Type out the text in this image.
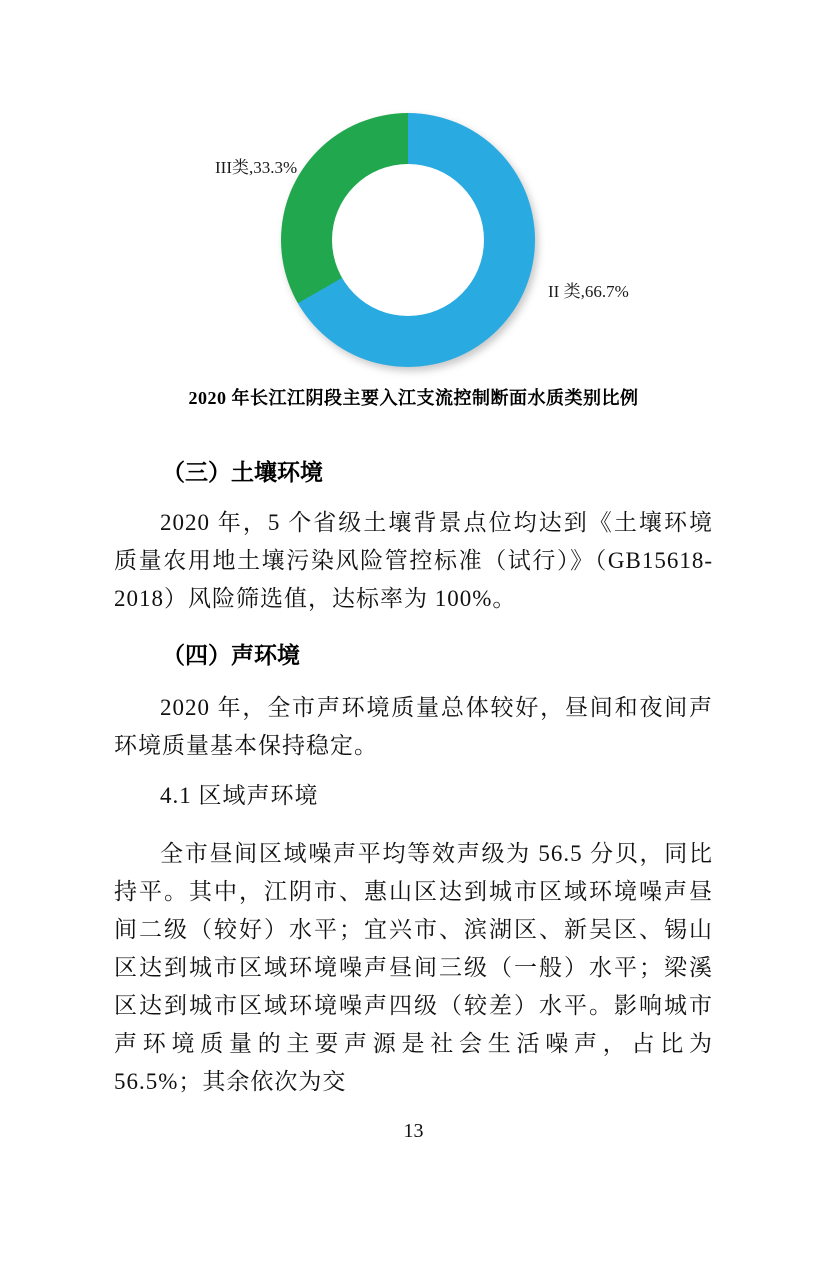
III类,33.3%
II 类,66.7%
2020 年长江江阴段主要入江支流控制断面水质类别比例
（三）土壤环境

2020 年，5 个省级土壤背景点位均达到《土壤环境质量农用地土壤污染风险管控标准（试行）》（GB15618-2018）风险筛选值，达标率为 100%。

（四）声环境

2020 年，全市声环境质量总体较好，昼间和夜间声环境质量基本保持稳定。

4.1 区域声环境

全市昼间区域噪声平均等效声级为 56.5 分贝，同比持平。其中，江阴市、惠山区达到城市区域环境噪声昼间二级（较好）水平；宜兴市、滨湖区、新吴区、锡山区达到城市区域环境噪声昼间三级（一般）水平；梁溪区达到城市区域环境噪声四级（较差）水平。影响城市声环境质量的主要声源是社会生活噪声，占比为 56.5%；其余依次为交

13
